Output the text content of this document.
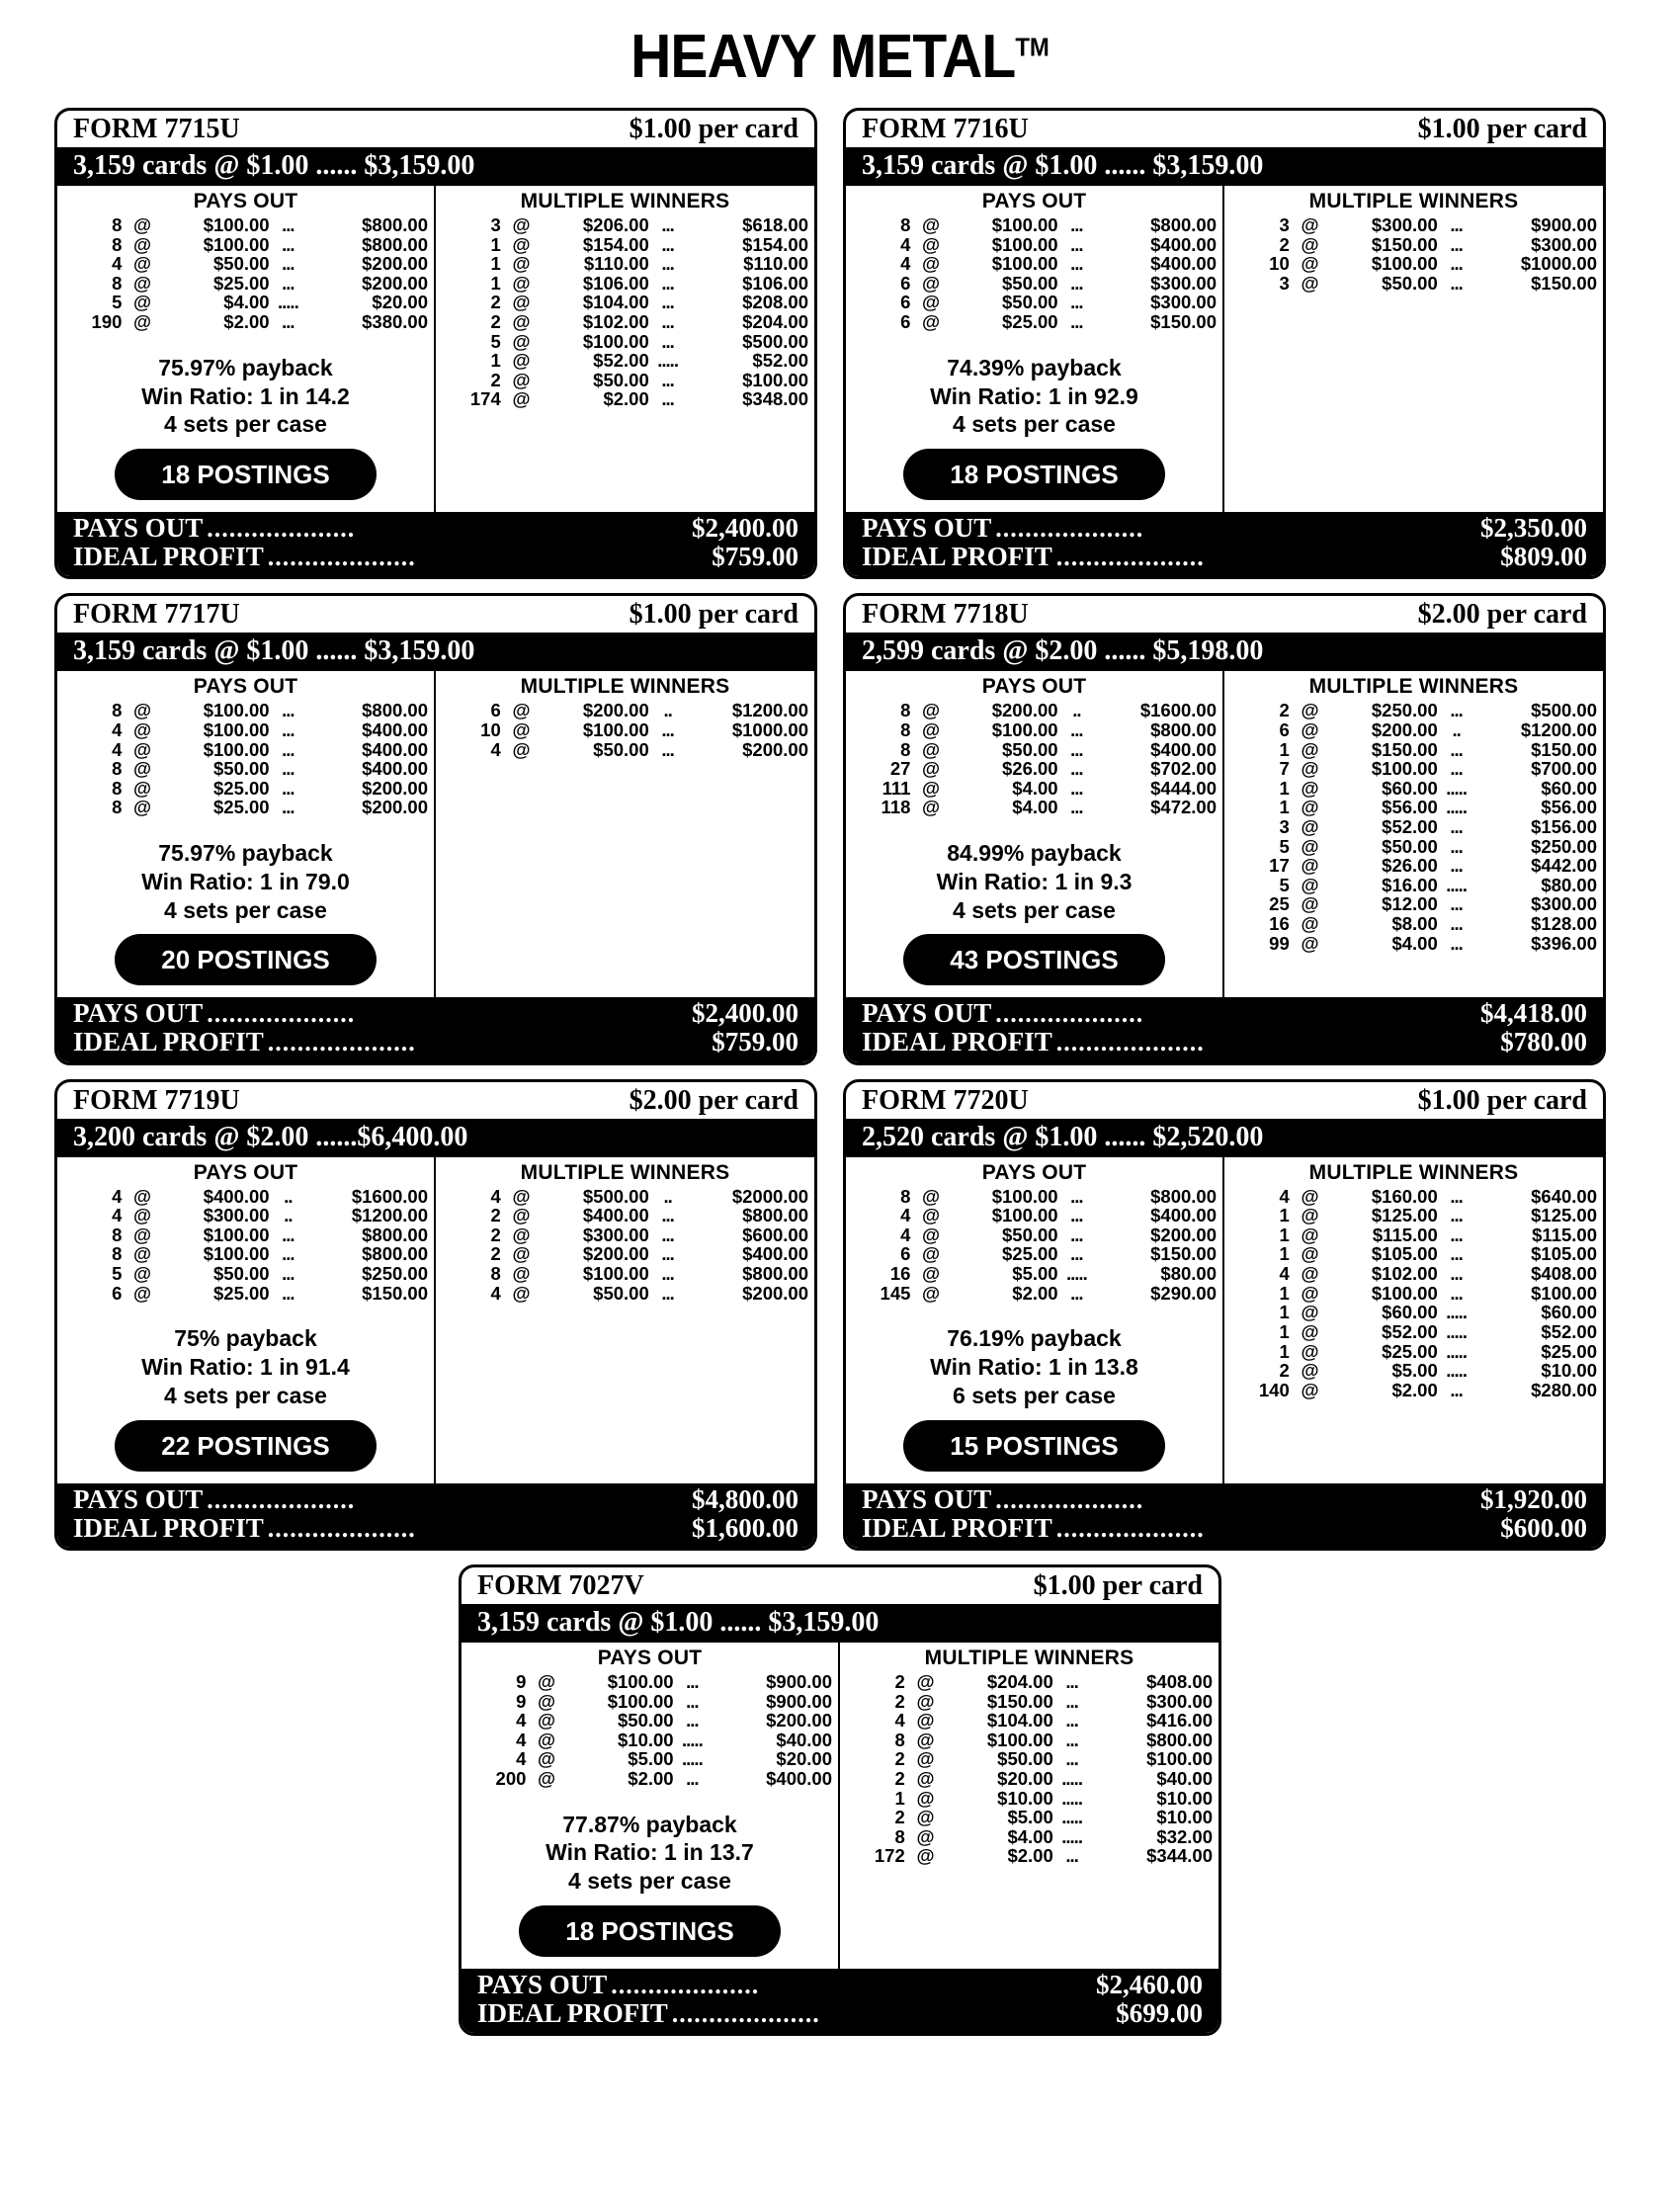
HEAVY METAL™
FORM 7715U	$1.00 per card
3,159 cards @ $1.00 ...... $3,159.00
PAYS OUT
8	@	$100.00	...	$800.00
8	@	$100.00	...	$800.00
4	@	$50.00	...	$200.00
8	@	$25.00	...	$200.00
5	@	$4.00	.....	$20.00
190	@	$2.00	...	$380.00
75.97% payback
Win Ratio: 1 in 14.2
4 sets per case
18 POSTINGS
MULTIPLE WINNERS
3	@	$206.00	...	$618.00
1	@	$154.00	...	$154.00
1	@	$110.00	...	$110.00
1	@	$106.00	...	$106.00
2	@	$104.00	...	$208.00
2	@	$102.00	...	$204.00
5	@	$100.00	...	$500.00
1	@	$52.00	.....	$52.00
2	@	$50.00	...	$100.00
174	@	$2.00	...	$348.00
PAYS OUT ....................	$2,400.00
IDEAL PROFIT ....................	$759.00
FORM 7716U	$1.00 per card
3,159 cards @ $1.00 ...... $3,159.00
PAYS OUT
8	@	$100.00	...	$800.00
4	@	$100.00	...	$400.00
4	@	$100.00	...	$400.00
6	@	$50.00	...	$300.00
6	@	$50.00	...	$300.00
6	@	$25.00	...	$150.00
74.39% payback
Win Ratio: 1 in 92.9
4 sets per case
18 POSTINGS
MULTIPLE WINNERS
3	@	$300.00	...	$900.00
2	@	$150.00	...	$300.00
10	@	$100.00	...	$1000.00
3	@	$50.00	...	$150.00
PAYS OUT ....................	$2,350.00
IDEAL PROFIT ....................	$809.00
FORM 7717U	$1.00 per card
3,159 cards @ $1.00 ...... $3,159.00
PAYS OUT
8	@	$100.00	...	$800.00
4	@	$100.00	...	$400.00
4	@	$100.00	...	$400.00
8	@	$50.00	...	$400.00
8	@	$25.00	...	$200.00
8	@	$25.00	...	$200.00
75.97% payback
Win Ratio: 1 in 79.0
4 sets per case
20 POSTINGS
MULTIPLE WINNERS
6	@	$200.00	..	$1200.00
10	@	$100.00	...	$1000.00
4	@	$50.00	...	$200.00
PAYS OUT ....................	$2,400.00
IDEAL PROFIT ....................	$759.00
FORM 7718U	$2.00 per card
2,599 cards @ $2.00 ...... $5,198.00
PAYS OUT
8	@	$200.00	..	$1600.00
8	@	$100.00	...	$800.00
8	@	$50.00	...	$400.00
27	@	$26.00	...	$702.00
111	@	$4.00	...	$444.00
118	@	$4.00	...	$472.00
84.99% payback
Win Ratio: 1 in 9.3
4 sets per case
43 POSTINGS
MULTIPLE WINNERS
2	@	$250.00	...	$500.00
6	@	$200.00	..	$1200.00
1	@	$150.00	...	$150.00
7	@	$100.00	...	$700.00
1	@	$60.00	.....	$60.00
1	@	$56.00	.....	$56.00
3	@	$52.00	...	$156.00
5	@	$50.00	...	$250.00
17	@	$26.00	...	$442.00
5	@	$16.00	.....	$80.00
25	@	$12.00	...	$300.00
16	@	$8.00	...	$128.00
99	@	$4.00	...	$396.00
PAYS OUT ....................	$4,418.00
IDEAL PROFIT ....................	$780.00
FORM 7719U	$2.00 per card
3,200 cards @ $2.00 ......$6,400.00
PAYS OUT
4	@	$400.00	..	$1600.00
4	@	$300.00	..	$1200.00
8	@	$100.00	...	$800.00
8	@	$100.00	...	$800.00
5	@	$50.00	...	$250.00
6	@	$25.00	...	$150.00
75% payback
Win Ratio: 1 in 91.4
4 sets per case
22 POSTINGS
MULTIPLE WINNERS
4	@	$500.00	..	$2000.00
2	@	$400.00	...	$800.00
2	@	$300.00	...	$600.00
2	@	$200.00	...	$400.00
8	@	$100.00	...	$800.00
4	@	$50.00	...	$200.00
PAYS OUT ....................	$4,800.00
IDEAL PROFIT ....................	$1,600.00
FORM 7720U	$1.00 per card
2,520 cards @ $1.00 ...... $2,520.00
PAYS OUT
8	@	$100.00	...	$800.00
4	@	$100.00	...	$400.00
4	@	$50.00	...	$200.00
6	@	$25.00	...	$150.00
16	@	$5.00	.....	$80.00
145	@	$2.00	...	$290.00
76.19% payback
Win Ratio: 1 in 13.8
6 sets per case
15 POSTINGS
MULTIPLE WINNERS
4	@	$160.00	...	$640.00
1	@	$125.00	...	$125.00
1	@	$115.00	...	$115.00
1	@	$105.00	...	$105.00
4	@	$102.00	...	$408.00
1	@	$100.00	...	$100.00
1	@	$60.00	.....	$60.00
1	@	$52.00	.....	$52.00
1	@	$25.00	.....	$25.00
2	@	$5.00	.....	$10.00
140	@	$2.00	...	$280.00
PAYS OUT ....................	$1,920.00
IDEAL PROFIT ....................	$600.00
FORM 7027V	$1.00 per card
3,159 cards @ $1.00 ...... $3,159.00
PAYS OUT
9	@	$100.00	...	$900.00
9	@	$100.00	...	$900.00
4	@	$50.00	...	$200.00
4	@	$10.00	.....	$40.00
4	@	$5.00	.....	$20.00
200	@	$2.00	...	$400.00
77.87% payback
Win Ratio: 1 in 13.7
4 sets per case
18 POSTINGS
MULTIPLE WINNERS
2	@	$204.00	...	$408.00
2	@	$150.00	...	$300.00
4	@	$104.00	...	$416.00
8	@	$100.00	...	$800.00
2	@	$50.00	...	$100.00
2	@	$20.00	.....	$40.00
1	@	$10.00	.....	$10.00
2	@	$5.00	.....	$10.00
8	@	$4.00	.....	$32.00
172	@	$2.00	...	$344.00
PAYS OUT ....................	$2,460.00
IDEAL PROFIT ....................	$699.00
